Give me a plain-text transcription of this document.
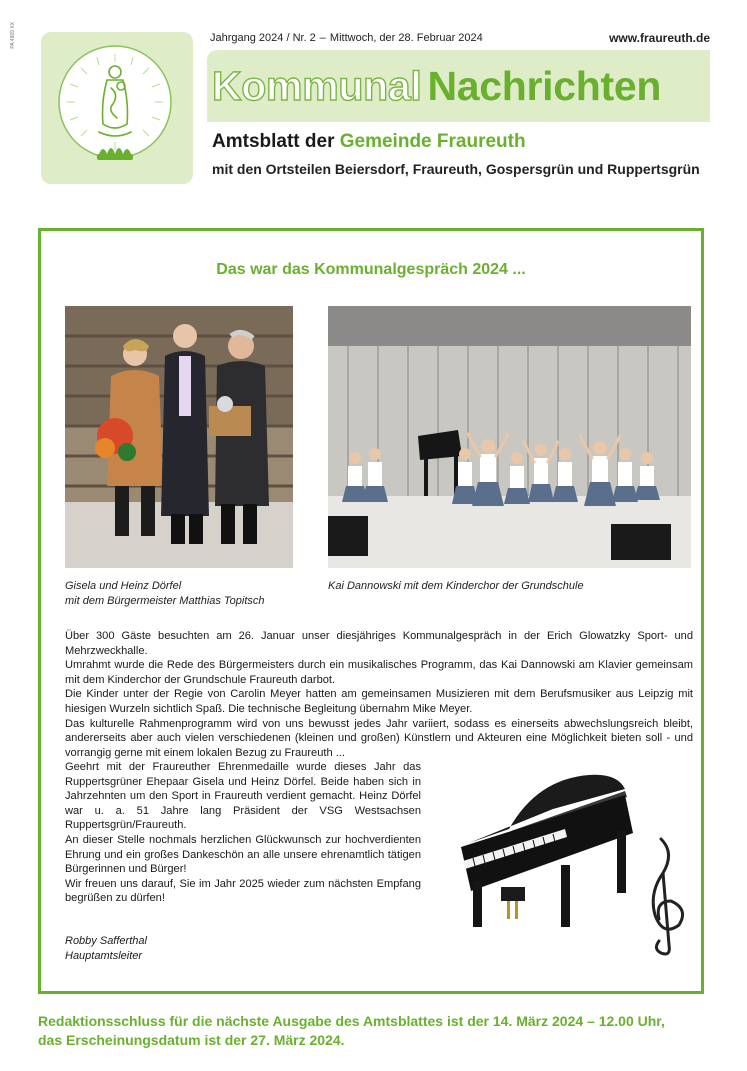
PA 4869 XX	Jahrgang 2024 / Nr. 2 – Mittwoch, der 28. Februar 2024	www.fraureuth.de
Kommunal Nachrichten
Amtsblatt der Gemeinde Fraureuth
mit den Ortsteilen Beiersdorf, Fraureuth, Gospersgrün und Ruppertsgrün
Das war das Kommunalgespräch 2024 ...
Gisela und Heinz Dörfel
mit dem Bürgermeister Matthias Topitsch
Kai Dannowski mit dem Kinderchor der Grundschule

Über 300 Gäste besuchten am 26. Januar unser diesjähriges Kommunalgespräch in der Erich Glowatzky Sport- und Mehrzweckhalle.

Umrahmt wurde die Rede des Bürgermeisters durch ein musikalisches Programm, das Kai Dannowski am Klavier gemeinsam mit dem Kinderchor der Grundschule Fraureuth darbot.

Die Kinder unter der Regie von Carolin Meyer hatten am gemeinsamen Musizieren mit dem Berufsmusiker aus Leipzig mit hiesigen Wurzeln sichtlich Spaß. Die technische Begleitung übernahm Mike Meyer.

Das kulturelle Rahmenprogramm wird von uns bewusst jedes Jahr variiert, sodass es einerseits abwechslungsreich bleibt, andererseits aber auch vielen verschiedenen (kleinen und großen) Künstlern und Akteuren eine Möglichkeit bieten soll - und vorrangig gerne mit einem lokalen Bezug zu Fraureuth ...

Geehrt mit der Fraureuther Ehrenmedaille wurde dieses Jahr das Ruppertsgrüner Ehepaar Gisela und Heinz Dörfel. Beide haben sich in Jahrzehnten um den Sport in Fraureuth verdient gemacht. Heinz Dörfel war u. a. 51 Jahre lang Präsident der VSG Westsachsen Ruppertsgrün/Fraureuth.

An dieser Stelle nochmals herzlichen Glückwunsch zur hochverdienten Ehrung und ein großes Dankeschön an alle unsere ehrenamtlich tätigen Bürgerinnen und Bürger!

Wir freuen uns darauf, Sie im Jahr 2025 wieder zum nächsten Empfang begrüßen zu dürfen!

Robby Safferthal
Hauptamtsleiter
Redaktionsschluss für die nächste Ausgabe des Amtsblattes ist der 14. März 2024 – 12.00 Uhr,
das Erscheinungsdatum ist der 27. März 2024.
